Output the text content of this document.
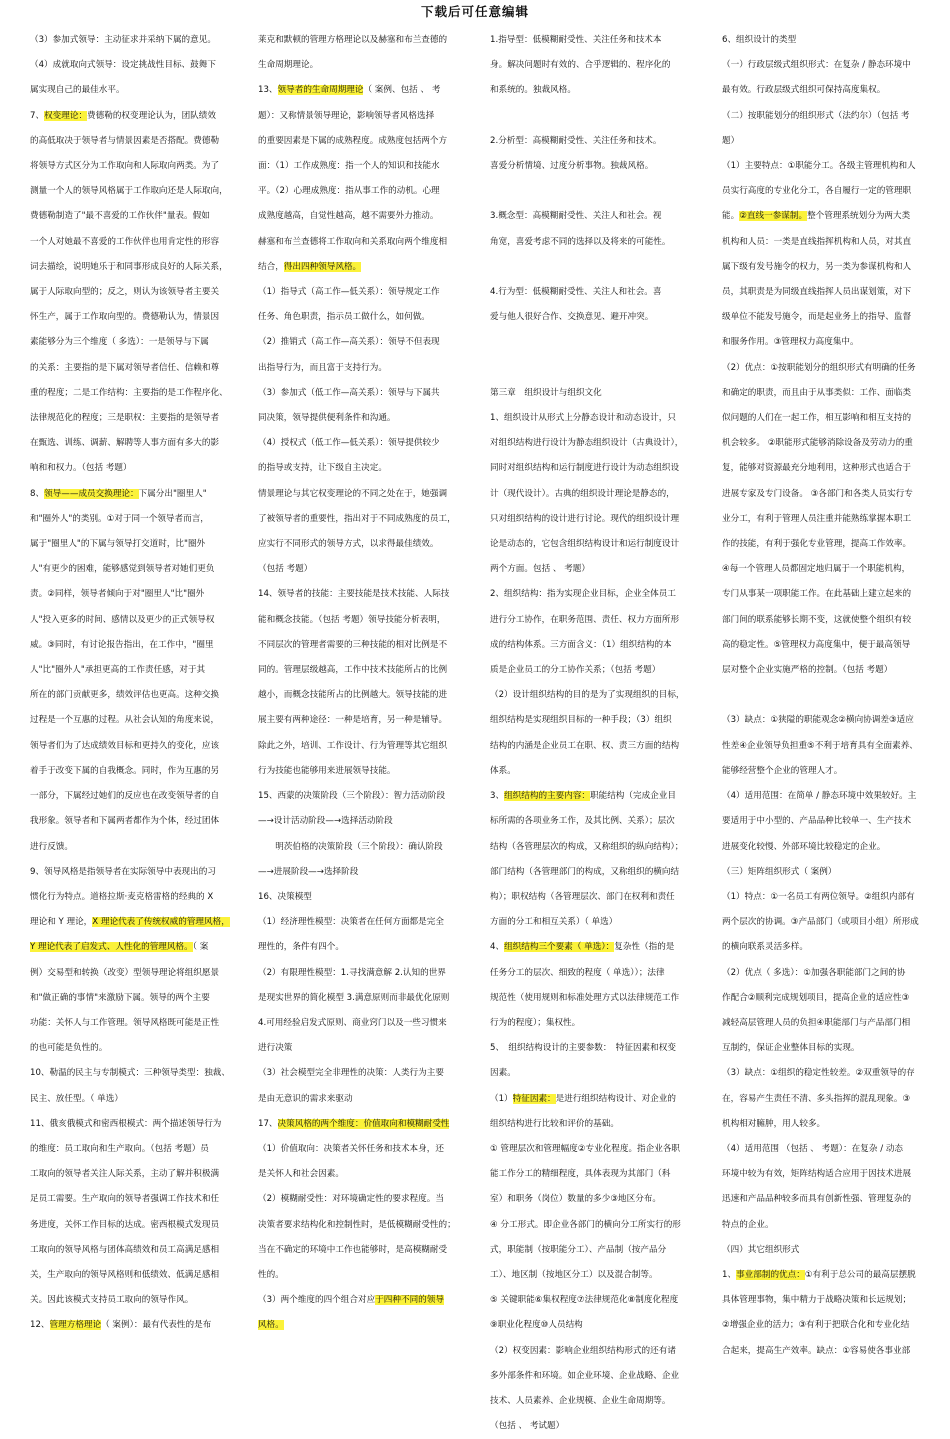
下载后可任意编辑

（3）参加式领导：主动征求并采纳下属的意见。

（4）成就取向式领导：设定挑战性目标、鼓舞下

属实现自己的最佳水平。

7、权变理论：费德勒的权变理论认为，团队绩效

的高低取决于领导者与情景因素是否搭配。费德勒

将领导方式区分为工作取向和人际取向两类。为了

测量一个人的领导风格属于工作取向还是人际取向，

费德勒制造了"最不喜爱的工作伙伴"量表。假如

一个人对她最不喜爱的工作伙伴也用肯定性的形容

词去描绘，说明她乐于和同事形成良好的人际关系，

属于人际取向型的；反之，则认为该领导者主要关

怀生产，属于工作取向型的。费德勒认为，情景因

素能够分为三个维度（ 多选）：一是领导与下属

的关系：主要指的是下属对领导者信任、信赖和尊

重的程度；二是工作结构：主要指的是工作程序化、

法律规范化的程度；三是职权：主要指的是领导者

在甄选、训练、调薪、解聘等人事方面有多大的影

响和和权力。（包括 考题）

8、领导——成员交换理论：下属分出"圈里人"

和"圈外人"的类别。①对于同一个领导者而言，

属于"圈里人"的下属与领导打交道时，比"圈外

人"有更少的困难，能够感觉到领导者对她们更负

责。②同样，领导者倾向于对"圈里人"比"圈外

人"投入更多的时间、感情以及更少的正式领导权

威。③同时，有讨论报告指出，在工作中，"圈里

人"比"圈外人"承担更高的工作责任感，对于其

所在的部门贡献更多，绩效评估也更高。这种交换

过程是一个互惠的过程。从社会认知的角度来说，

领导者们为了达成绩效目标和更持久的变化，应该

着手于改变下属的自我概念。同时，作为互惠的另

一部分，下属经过她们的反应也在改变领导者的自

我形象。领导者和下属两者都作为个体，经过团体

进行反馈。

9、领导风格是指领导者在实际领导中表现出的习

惯化行为特点。道格拉斯·麦克格雷格的经典的 X

理论和 Y 理论，X 理论代表了传统权威的管理风格，

Y 理论代表了启发式、人性化的管理风格。（ 案

例）交易型和转换（改变）型领导理论将组织愿景

和"做正确的事情"来激励下属。领导的两个主要

功能：关怀人与工作管理。领导风格既可能是正性

的也可能是负性的。

10、勒温的民主与专制模式：三种领导类型：独裁、

民主、放任型。（ 单选）

11、俄亥俄模式和密西根模式：两个描述领导行为

的维度：员工取向和生产取向。（包括 考题）员

工取向的领导者关注人际关系，主动了解并积极满

足员工需要。生产取向的领导者强调工作技术和任

务进度，关怀工作目标的达成。密西根模式发现员

工取向的领导风格与团体高绩效和员工高满足感相

关，生产取向的领导风格则和低绩效、低满足感相

关。因此该模式支持员工取向的领导作风。

12、管理方格理论（ 案例）：最有代表性的是布

莱克和默顿的管理方格理论以及赫塞和布兰查德的

生命周期理论。

13、领导者的生命周期理论（ 案例、包括 、 考

题）：又称情景领导理论，影响领导者风格选择

的重要因素是下属的成熟程度。成熟度包括两个方

面：（1）工作成熟度：指一个人的知识和技能水

平。（2）心理成熟度：指从事工作的动机。心理

成熟度越高，自觉性越高，越不需要外力推动。

赫塞和布兰查德将工作取向和关系取向两个维度相

结合，得出四种领导风格。

（1）指导式（高工作—低关系）：领导规定工作

任务、角色职责，指示员工做什么，如何做。

（2）推销式（高工作—高关系）：领导不但表现

出指导行为，而且富于支持行为。

（3）参加式（低工作—高关系）：领导与下属共

同决策，领导提供便利条件和沟通。

（4）授权式（低工作—低关系）：领导提供较少

的指导或支持，让下级自主决定。

情景理论与其它权变理论的不同之处在于，她强调

了被领导者的重要性，指出对于不同成熟度的员工，

应实行不同形式的领导方式，以求得最佳绩效。

（包括 考题）

14、领导者的技能：主要技能是技术技能、人际技

能和概念技能。（包括 考题）领导技能分析表明，

不同层次的管理者需要的三种技能的相对比例是不

同的。管理层级越高，工作中技术技能所占的比例

越小，而概念技能所占的比例越大。领导技能的进

展主要有两种途径：一种是培育，另一种是辅导。

除此之外，培训、工作设计、行为管理等其它组织

行为技能也能够用来进展领导技能。

15、西蒙的决策阶段（三个阶段）：智力活动阶段

—→设计活动阶段—→选择活动阶段

　　明茨伯格的决策阶段（三个阶段）：确认阶段

—→进展阶段—→选择阶段

16、决策模型

（1）经济理性模型：决策者在任何方面都是完全

理性的，条件有四个。

（2）有限理性模型：1.寻找满意解 2.认知的世界

是现实世界的简化模型 3.满意原则而非最优化原则

4.可用经验启发式原则、商业窍门以及一些习惯来

进行决策

（3）社会模型完全非理性的决策：人类行为主要

是由无意识的需求来驱动

17、决策风格的两个维度：价值取向和模糊耐受性

（1）价值取向：决策者关怀任务和技术本身，还

是关怀人和社会因素。

（2）模糊耐受性：对环境确定性的要求程度。当

决策者要求结构化和控制性时，是低模糊耐受性的；

当在不确定的环境中工作也能够时，是高模糊耐受

性的。

（3）两个维度的四个组合对应于四种不同的领导

风格。

1.指导型：低模糊耐受性、关注任务和技术本

身。解决问题时有效的、合乎逻辑的、程序化的

和系统的。独裁风格。

2.分析型：高模糊耐受性、关注任务和技术。

喜爱分析情境、过度分析事物。独裁风格。

3.概念型：高模糊耐受性、关注人和社会。视

角宽，喜爱考虑不同的选择以及将来的可能性。

4.行为型：低模糊耐受性、关注人和社会。喜

爱与他人很好合作、交换意见、避开冲突。

第三章　组织设计与组织文化

1、组织设计从形式上分静态设计和动态设计，只

对组织结构进行设计为静态组织设计（古典设计），

同时对组织结构和运行制度进行设计为动态组织设

计（现代设计）。古典的组织设计理论是静态的，

只对组织结构的设计进行讨论。现代的组织设计理

论是动态的，它包含组织结构设计和运行制度设计

两个方面。包括 、 考题）

2、组织结构：指为实现企业目标，企业全体员工

进行分工协作，在职务范围、责任、权力方面所形

成的结构体系。三方面含义：（1）组织结构的本

质是企业员工的分工协作关系；（包括 考题）

（2）设计组织结构的目的是为了实现组织的目标，

组织结构是实现组织目标的一种手段；（3）组织

结构的内涵是企业员工在职、权、责三方面的结构

体系。

3、组织结构的主要内容：职能结构（完成企业目

标所需的各项业务工作，及其比例、关系）；层次

结构（各管理层次的构成，又称组织的纵向结构）；

部门结构（各管理部门的构成，又称组织的横向结

构）；职权结构（各管理层次、部门在权利和责任

方面的分工和相互关系）（ 单选）

4、组织结构三个要素（ 单选）：复杂性（指的是

任务分工的层次、细致的程度（ 单选））；法律

规范性（使用规则和标准处理方式以法律规范工作

行为的程度）；集权性。

5、　组织结构设计的主要参数：　特征因素和权变

因素。

（1）特征因素：是进行组织结构设计、对企业的

组织结构进行比较和评价的基础。

① 管理层次和管理幅度②专业化程度。指企业各职

能工作分工的精细程度，具体表现为其部门（科

室）和职务（岗位）数量的多少③地区分布。

④ 分工形式。即企业各部门的横向分工所实行的形

式，职能制（按职能分工）、产品制（按产品分

工）、地区制（按地区分工）以及混合制等。

⑤ 关键职能⑥集权程度⑦法律规范化⑧制度化程度

⑨职业化程度⑩人员结构

（2）权变因素：影响企业组织结构形式的还有诸

多外部条件和环境。如企业环境、企业战略、企业

技术、人员素养、企业规模、企业生命周期等。

（包括 、 考试题）

6、组织设计的类型

（一）行政层级式组织形式：在复杂 / 静态环境中

最有效。行政层级式组织可保持高度集权。

（二）按职能划分的组织形式（法约尔）（包括 考

题）

（1）主要特点：①职能分工。各级主管理机构和人

员实行高度的专业化分工，各自履行一定的管理职

能。②直线一参谋制。整个管理系统划分为两大类

机构和人员：一类是直线指挥机构和人员，对其直

属下级有发号施令的权力，另一类为参谋机构和人

员，其职责是为同级直线指挥人员出谋划策，对下

级单位不能发号施令，而是起业务上的指导、监督

和服务作用。③管理权力高度集中。

（2）优点：①按职能划分的组织形式有明确的任务

和确定的职责，而且由于从事类似：工作、面临类

似问题的人们在一起工作，相互影响和相互支持的

机会较多。 ②职能形式能够消除设备及劳动力的重

复，能够对资源最充分地利用，这种形式也适合于

进展专家及专门设备。 ③各部门和各类人员实行专

业分工，有利于管理人员注重并能熟练掌握本职工

作的技能，有利于强化专业管理，提高工作效率。

④每一个管理人员都固定地归属于一个职能机构，

专门从事某一项职能工作。在此基础上建立起来的

部门间的联系能够长期不变，这就使整个组织有较

高的稳定性。⑤管理权力高度集中，便于最高领导

层对整个企业实施严格的控制。（包括 考题）

（3）缺点：①狭隘的职能观念②横向协调差③适应

性差④企业领导负担重⑤不利于培育具有全面素养、

能够经营整个企业的管理人才。

（4）适用范围：在简单 / 静态环境中效果较好。主

要适用于中小型的、产品品种比较单一、生产技术

进展变化较慢、外部环境比较稳定的企业。

（三）矩阵组织形式（ 案例）

（1）特点：①一名员工有两位领导。②组织内部有

两个层次的协调。③产品部门（或项目小组）所形成

的横向联系灵活多样。

（2）优点（ 多选）：①加强各职能部门之间的协

作配合②顺利完成规划项目，提高企业的适应性③

减轻高层管理人员的负担④职能部门与产品部门相

互制约，保证企业整体目标的实现。

（3）缺点：①组织的稳定性较差。②双重领导的存

在，容易产生责任不清、多头指挥的混乱现象。③

机构相对臃肿，用人较多。

（4）适用范围 （包括 、 考题）：在复杂 / 动态

环境中较为有效，矩阵结构适合应用于因技术进展

迅速和产品品种较多而具有创新性强、管理复杂的

特点的企业。

（四）其它组织形式

1、事业部制的优点：①有利于总公司的最高层摆脱

具体管理事物，集中精力于战略决策和长远规划；

②增强企业的活力；③有利于把联合化和专业化结

合起来，提高生产效率。缺点：①容易使各事业部
